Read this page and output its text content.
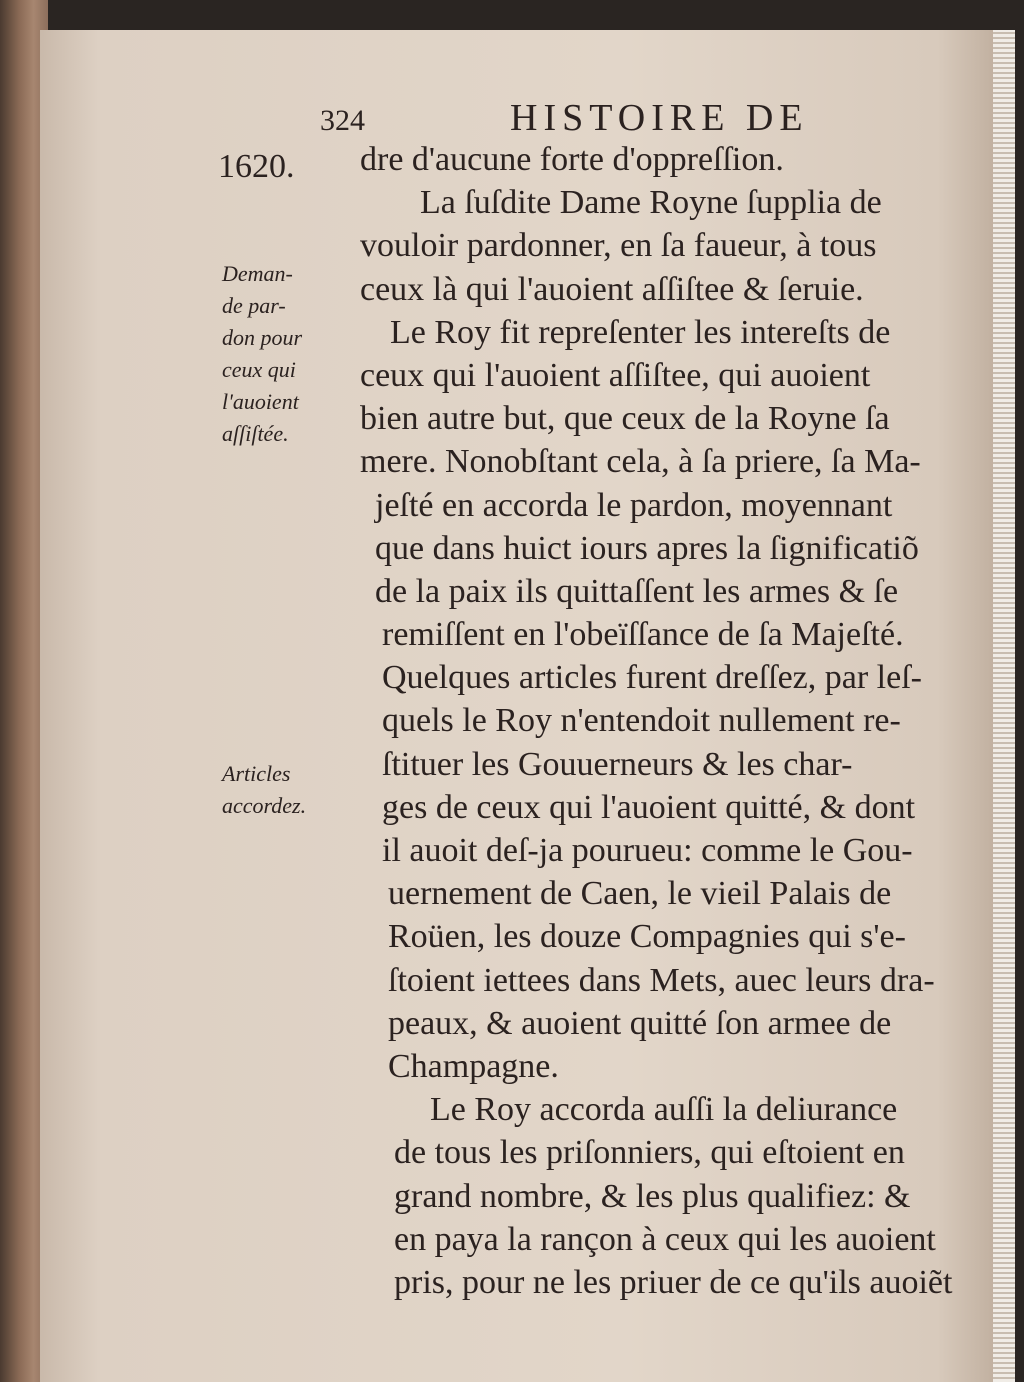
324	HISTOIRE DE
1620. dre d'aucune forte d'oppreſſion.
La ſuſdite Dame Royne ſupplia de
vouloir pardonner, en ſa faueur, à tous
ceux là qui l'auoient aſſiſtee & ſeruie.
Le Roy fit repreſenter les intereſts de
ceux qui l'auoient aſſiſtee, qui auoient
bien autre but, que ceux de la Royne ſa
mere. Nonobſtant cela, à ſa priere, ſa Ma-
jeſté en accorda le pardon, moyennant
que dans huict iours apres la ſignificatiõ
de la paix ils quittaſſent les armes & ſe
remiſſent en l'obeïſſance de ſa Majeſté.
Quelques articles furent dreſſez, par leſ-
quels le Roy n'entendoit nullement re-
ſtituer les Gouuerneurs & les char-
ges de ceux qui l'auoient quitté, & dont
il auoit deſ-ja pourueu: comme le Gou-
uernement de Caen, le vieil Palais de
Roüen, les douze Compagnies qui s'e-
ſtoient iettees dans Mets, auec leurs dra-
peaux, & auoient quitté ſon armee de
Champagne.
Le Roy accorda auſſi la deliurance
de tous les priſonniers, qui eſtoient en
grand nombre, & les plus qualifiez: &
en paya la rançon à ceux qui les auoient
pris, pour ne les priuer de ce qu'ils auoiẽt
Deman-
de par-
don pour
ceux qui
l'auoient
aſſiſtée.
Articles
accordez.
